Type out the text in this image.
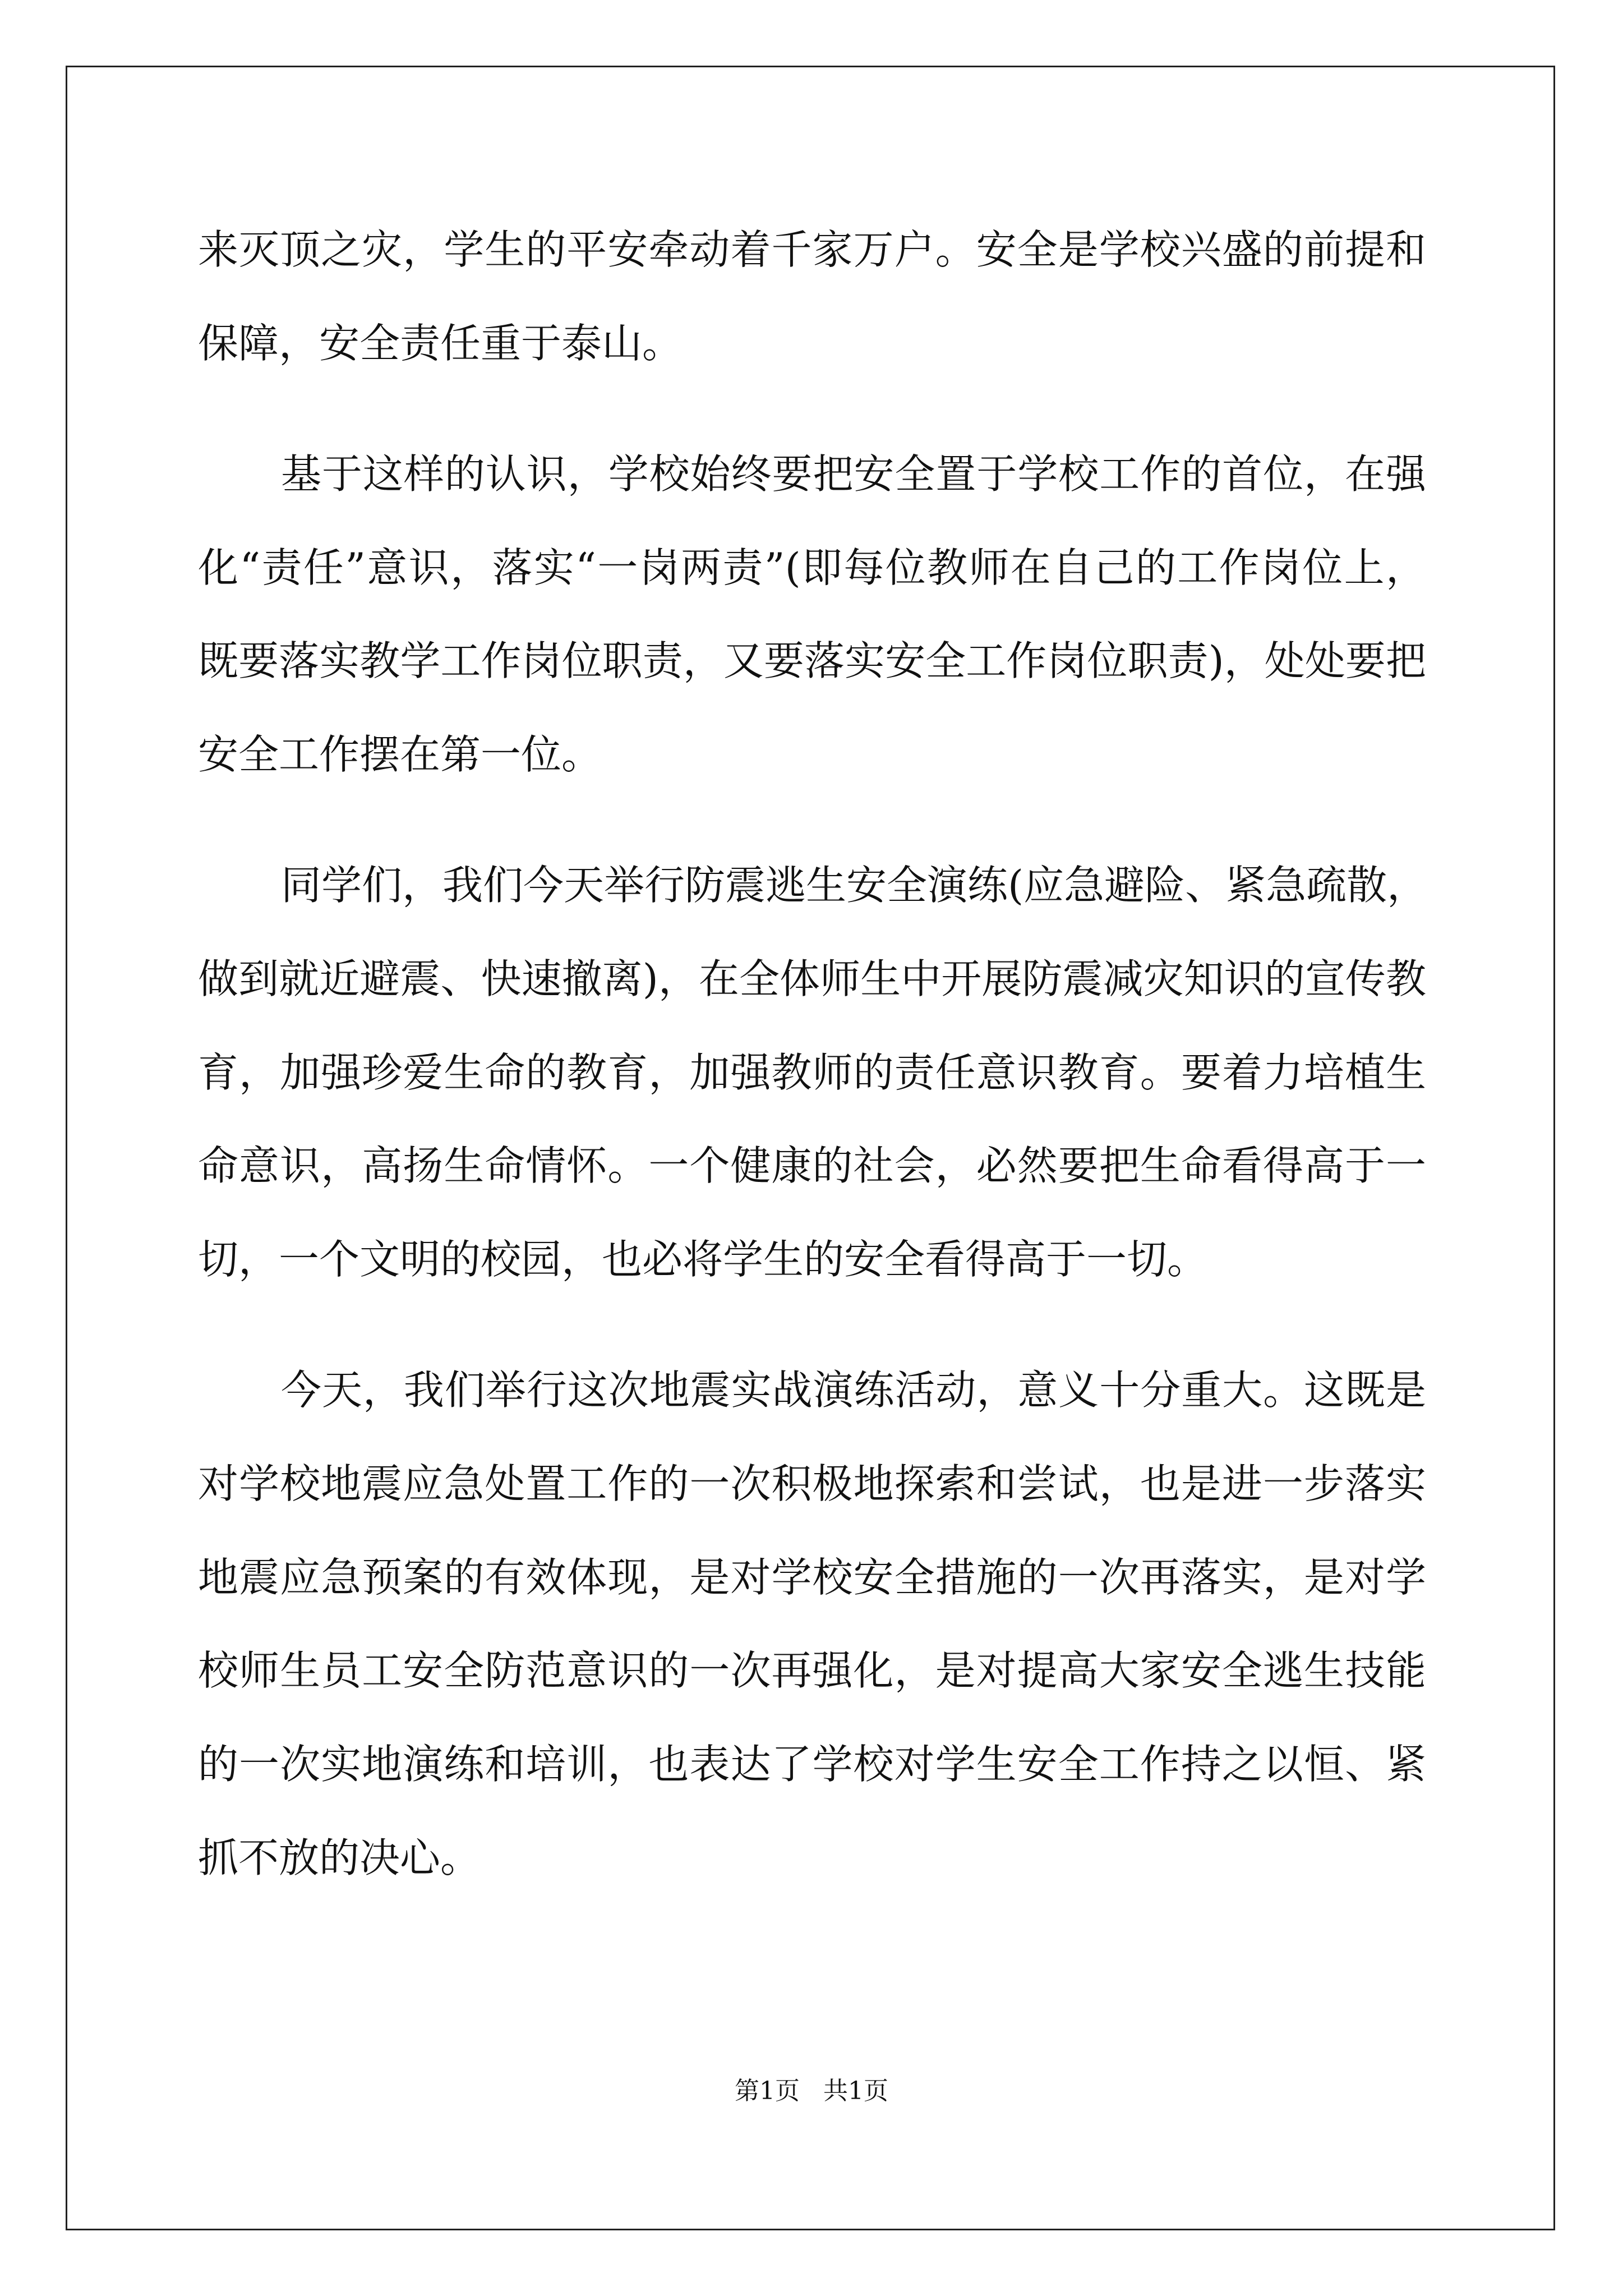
来灭顶之灾，学生的平安牵动着千家万户。安全是学校兴盛的前提和
保障，安全责任重于泰山。
基于这样的认识，学校始终要把安全置于学校工作的首位，在强
化“责任”意识，落实“一岗两责”(即每位教师在自己的工作岗位上，
既要落实教学工作岗位职责，又要落实安全工作岗位职责)，处处要把
安全工作摆在第一位。
同学们，我们今天举行防震逃生安全演练(应急避险、紧急疏散，
做到就近避震、快速撤离)，在全体师生中开展防震减灾知识的宣传教
育，加强珍爱生命的教育，加强教师的责任意识教育。要着力培植生
命意识，高扬生命情怀。一个健康的社会，必然要把生命看得高于一
切，一个文明的校园，也必将学生的安全看得高于一切。
今天，我们举行这次地震实战演练活动，意义十分重大。这既是
对学校地震应急处置工作的一次积极地探索和尝试，也是进一步落实
地震应急预案的有效体现，是对学校安全措施的一次再落实，是对学
校师生员工安全防范意识的一次再强化，是对提高大家安全逃生技能
的一次实地演练和培训，也表达了学校对学生安全工作持之以恒、紧
抓不放的决心。
第1页   共1页
